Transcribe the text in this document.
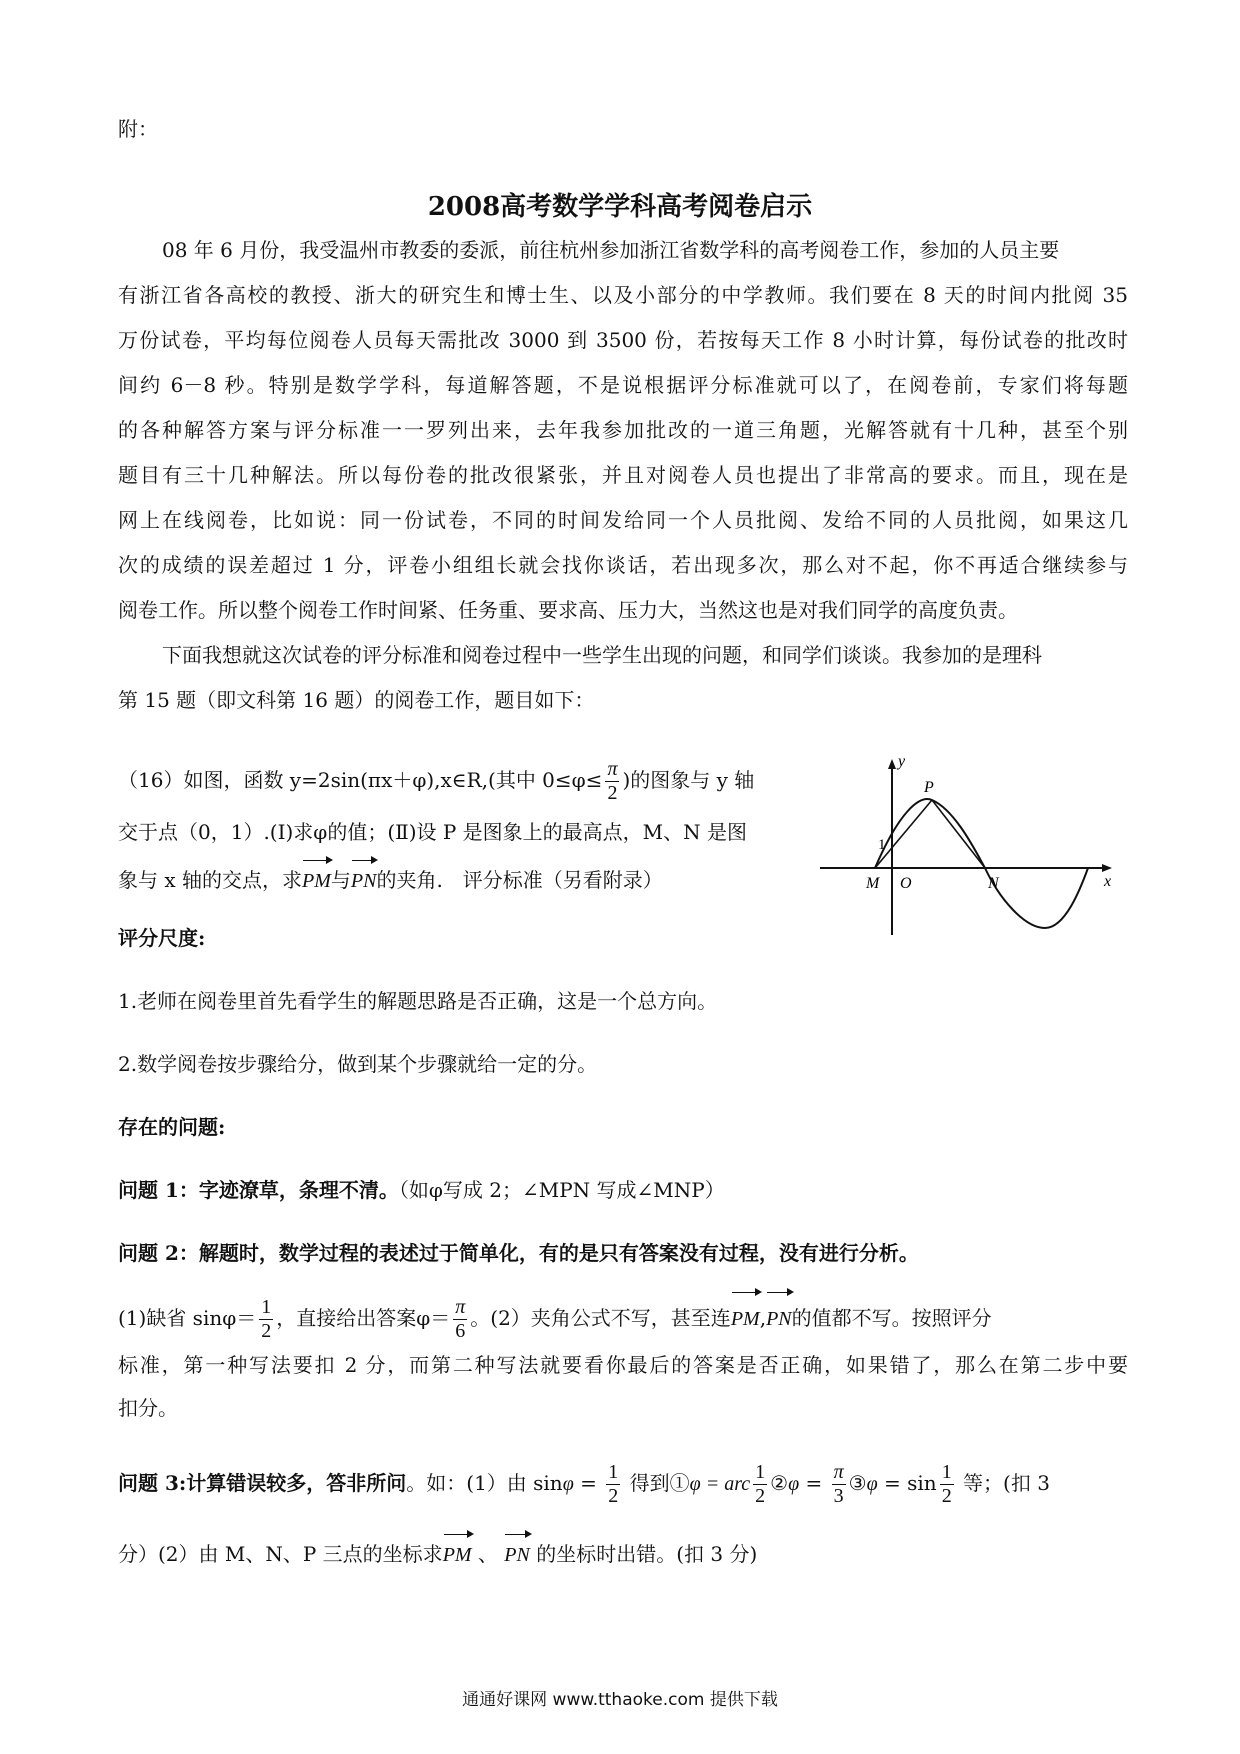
附：
2008高考数学学科高考阅卷启示
08 年 6 月份，我受温州市教委的委派，前往杭州参加浙江省数学科的高考阅卷工作，参加的人员主要
有浙江省各高校的教授、浙大的研究生和博士生、以及小部分的中学教师。我们要在 8 天的时间内批阅 35
万份试卷，平均每位阅卷人员每天需批改 3000 到 3500 份，若按每天工作 8 小时计算，每份试卷的批改时
间约 6－8 秒。特别是数学学科，每道解答题，不是说根据评分标准就可以了，在阅卷前，专家们将每题
的各种解答方案与评分标准一一罗列出来，去年我参加批改的一道三角题，光解答就有十几种，甚至个别
题目有三十几种解法。所以每份卷的批改很紧张，并且对阅卷人员也提出了非常高的要求。而且，现在是
网上在线阅卷，比如说：同一份试卷，不同的时间发给同一个人员批阅、发给不同的人员批阅，如果这几
次的成绩的误差超过 1 分，评卷小组组长就会找你谈话，若出现多次，那么对不起，你不再适合继续参与
阅卷工作。所以整个阅卷工作时间紧、任务重、要求高、压力大，当然这也是对我们同学的高度负责。
下面我想就这次试卷的评分标准和阅卷过程中一些学生出现的问题，和同学们谈谈。我参加的是理科
第 15 题（即文科第 16 题）的阅卷工作，题目如下：
（16）如图，函数 y=2sin(πx＋φ),x∈R,(其中 $0\le\varphi\le \frac{\pi}{2}$ )的图象与 y 轴
交于点（0，1）.(Ⅰ)求φ的值；(Ⅱ)设 P 是图象上的最高点，M、N 是图
象与 x 轴的交点，求PM与PN的夹角.　评分标准（另看附录）
y
x
P
1
M O	N
评分尺度:
1.老师在阅卷里首先看学生的解题思路是否正确，这是一个总方向。
2.数学阅卷按步骤给分，做到某个步骤就给一定的分。
存在的问题:
问题 1：字迹潦草，条理不清。（如φ写成 2；∠MPN 写成∠MNP）
问题 2：解题时，数学过程的表述过于简单化，有的是只有答案没有过程，没有进行分析。
(1)缺省 $\sin\varphi= \frac{1}{2}$ ，直接给出答案$\varphi= \frac{\pi}{6}$ 。(2）夹角公式不写，甚至连PM,PN的值都不写。按照评分
标准，第一种写法要扣 2 分，而第二种写法就要看你最后的答案是否正确，如果错了，那么在第二步中要
扣分。
问题 3:计算错误较多，答非所问。如：(1）由 $\sin\varphi = \frac{1}{2}$ 得到①φ = arc $\frac{1}{2}$ ②φ = $\frac{\pi}{3}$ ③φ = $\sin \frac{1}{2}$ 等；(扣 3
分）(2）由 M、N、P 三点的坐标求PM 、 PN 的坐标时出错。(扣 3 分)
通通好课网 www.tthaoke.com 提供下载
